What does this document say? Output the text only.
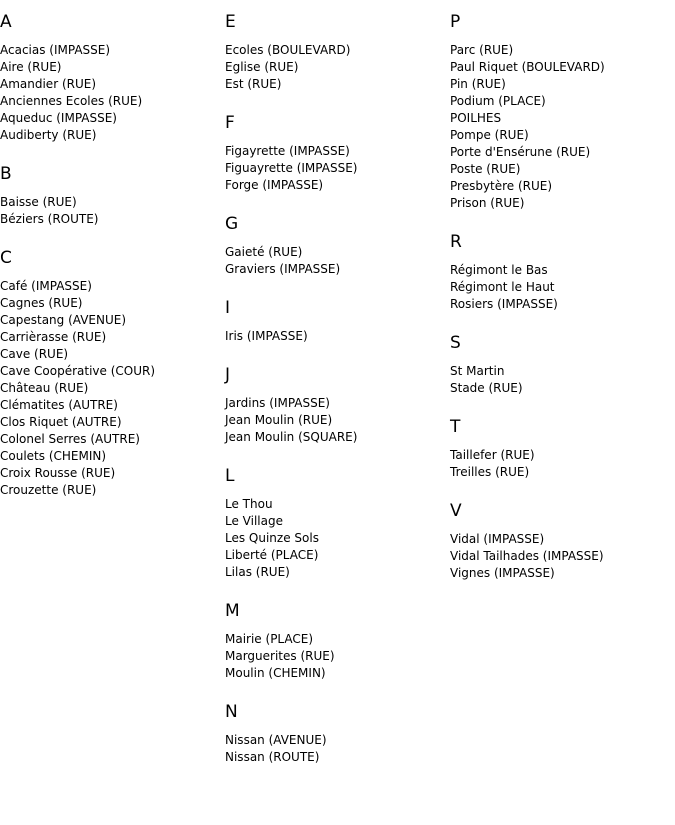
A
Acacias (IMPASSE)
Aire (RUE)
Amandier (RUE)
Anciennes Ecoles (RUE)
Aqueduc (IMPASSE)
Audiberty (RUE)
B
Baisse (RUE)
Béziers (ROUTE)
C
Café (IMPASSE)
Cagnes (RUE)
Capestang (AVENUE)
Carrièrasse (RUE)
Cave (RUE)
Cave Coopérative (COUR)
Château (RUE)
Clématites (AUTRE)
Clos Riquet (AUTRE)
Colonel Serres (AUTRE)
Coulets (CHEMIN)
Croix Rousse (RUE)
Crouzette (RUE)
E
Ecoles (BOULEVARD)
Eglise (RUE)
Est (RUE)
F
Figayrette (IMPASSE)
Figuayrette (IMPASSE)
Forge (IMPASSE)
G
Gaieté (RUE)
Graviers (IMPASSE)
I
Iris (IMPASSE)
J
Jardins (IMPASSE)
Jean Moulin (RUE)
Jean Moulin (SQUARE)
L
Le Thou
Le Village
Les Quinze Sols
Liberté (PLACE)
Lilas (RUE)
M
Mairie (PLACE)
Marguerites (RUE)
Moulin (CHEMIN)
N
Nissan (AVENUE)
Nissan (ROUTE)
P
Parc (RUE)
Paul Riquet (BOULEVARD)
Pin (RUE)
Podium (PLACE)
POILHES
Pompe (RUE)
Porte d'Ensérune (RUE)
Poste (RUE)
Presbytère (RUE)
Prison (RUE)
R
Régimont le Bas
Régimont le Haut
Rosiers (IMPASSE)
S
St Martin
Stade (RUE)
T
Taillefer (RUE)
Treilles (RUE)
V
Vidal (IMPASSE)
Vidal Tailhades (IMPASSE)
Vignes (IMPASSE)
